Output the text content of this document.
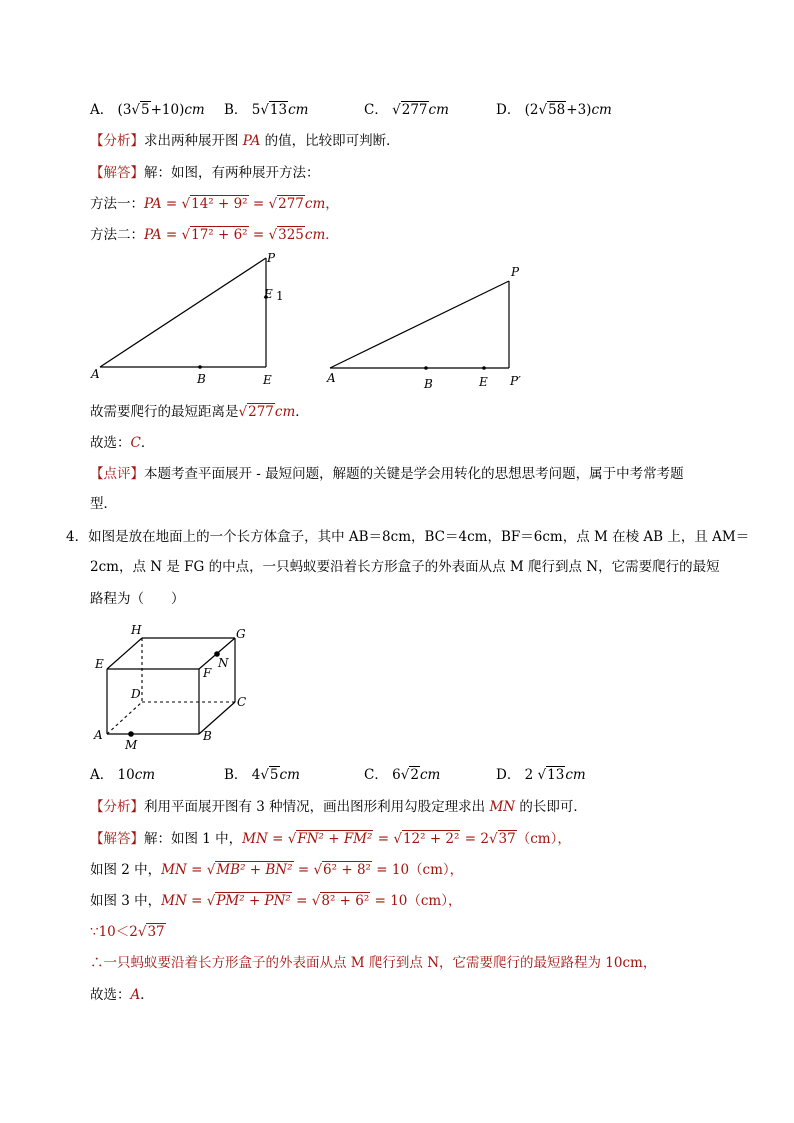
A． (3√5+10)cm B． 5√13cm	C． √277cm	D． (2√58+3)cm
【分析】求出两种展开图 PA 的值，比较即可判断．
【解答】解：如图，有两种展开方法：
方法一：PA = √14² + 9² = √277cm，
方法二：PA = √17² + 6² = √325cm．
A	B	E
P
E 1
A	B	E
P
P′
故需要爬行的最短距离是√277cm．
故选：C．
【点评】本题考查平面展开 - 最短问题，解题的关键是学会用转化的思想思考问题，属于中考常考题
型．
4．如图是放在地面上的一个长方体盒子，其中 AB＝8cm，BC＝4cm，BF＝6cm，点 M 在棱 AB 上，且 AM＝
2cm，点 N 是 FG 的中点，一只蚂蚁要沿着长方形盒子的外表面从点 M 爬行到点 N，它需要爬行的最短
路程为（　　）
H	G
E	N
F
D
C
A
M
B
A． 10cm	B． 4√5cm	C． 6√2cm	D． 2 √13cm
【分析】利用平面展开图有 3 种情况，画出图形利用勾股定理求出 MN 的长即可．
【解答】解：如图 1 中，MN = √FN² + FM² = √12² + 2² = 2√37（cm），
如图 2 中，MN = √MB² + BN² = √6² + 8² = 10（cm），
如图 3 中，MN = √PM² + PN² = √8² + 6² = 10（cm），
∵10＜2√37
∴一只蚂蚁要沿着长方形盒子的外表面从点 M 爬行到点 N，它需要爬行的最短路程为 10cm，
故选：A．
